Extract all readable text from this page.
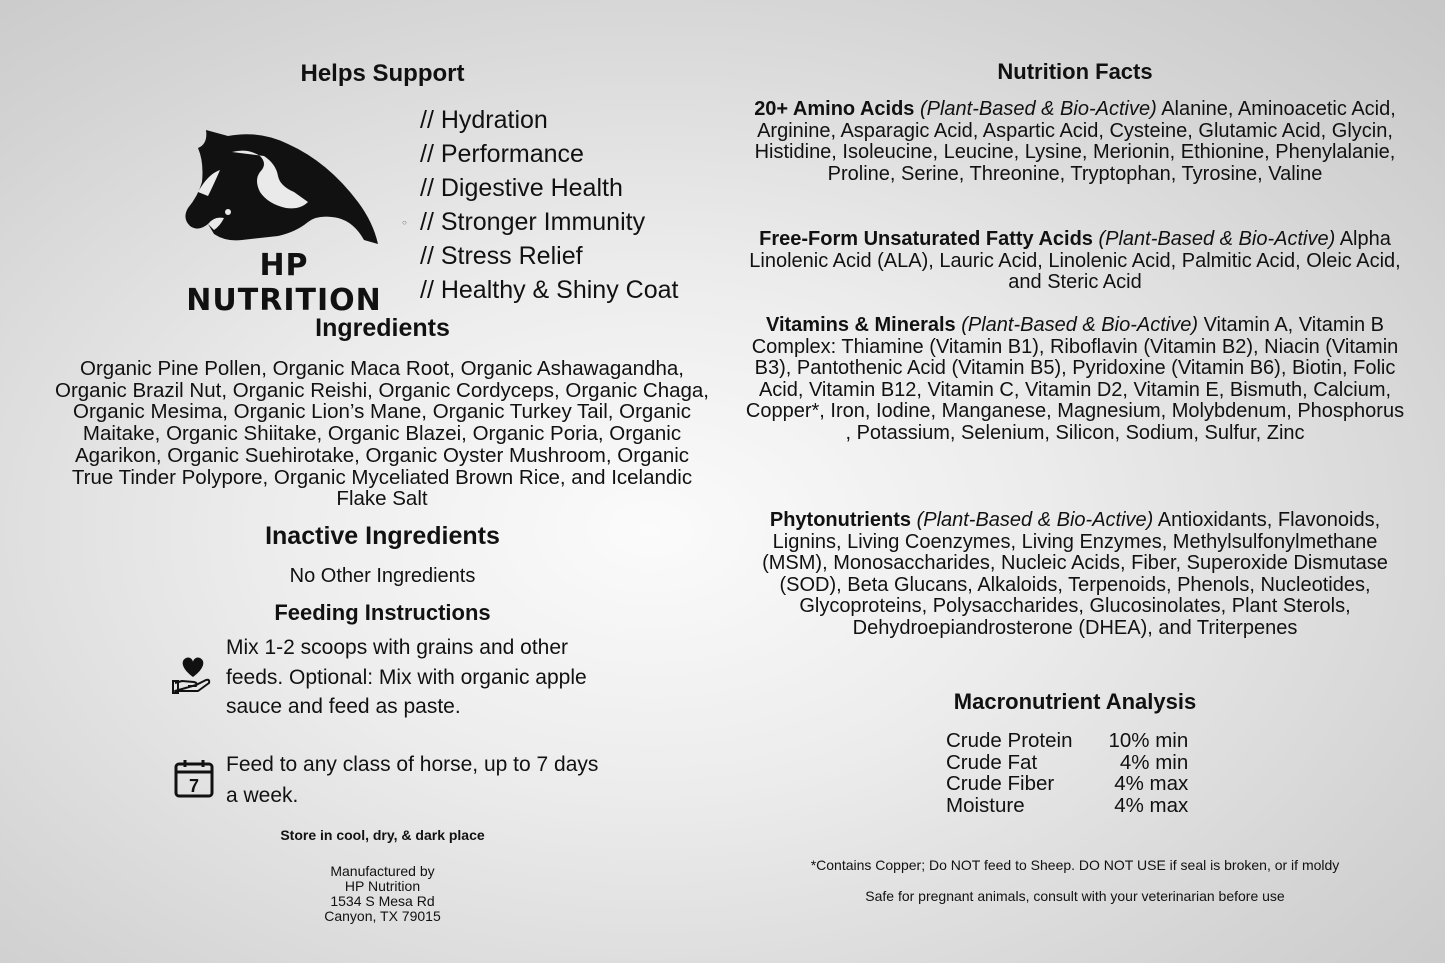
Helps Support
HP NUTRITION
// Hydration
// Performance
// Digestive Health
// Stronger Immunity
// Stress Relief
// Healthy & Shiny Coat
○
Ingredients
Organic Pine Pollen, Organic Maca Root, Organic Ashawagandha, Organic Brazil Nut, Organic Reishi, Organic Cordyceps, Organic Chaga, Organic Mesima, Organic Lion’s Mane, Organic Turkey Tail, Organic Maitake, Organic Shiitake, Organic Blazei, Organic Poria, Organic Agarikon, Organic Suehirotake, Organic Oyster Mushroom, Organic True Tinder Polypore, Organic Myceliated Brown Rice, and Icelandic Flake Salt
Inactive Ingredients
No Other Ingredients
Feeding Instructions
Mix 1-2 scoops with grains and other feeds. Optional: Mix with organic apple sauce and feed as paste.
7
Feed to any class of horse, up to 7 days a week.
Store in cool, dry, & dark place
Manufactured by
HP Nutrition
1534 S Mesa Rd
Canyon, TX 79015
Nutrition Facts
20+ Amino Acids (Plant-Based & Bio-Active) Alanine, Aminoacetic Acid, Arginine, Asparagic Acid, Aspartic Acid, Cysteine, Glutamic Acid, Glycin, Histidine, Isoleucine, Leucine, Lysine, Merionin, Ethionine, Phenylalanie, Proline, Serine, Threonine, Tryptophan, Tyrosine, Valine
Free-Form Unsaturated Fatty Acids (Plant-Based & Bio-Active) Alpha Linolenic Acid (ALA), Lauric Acid, Linolenic Acid, Palmitic Acid, Oleic Acid, and Steric Acid
Vitamins & Minerals (Plant-Based & Bio-Active) Vitamin A, Vitamin B Complex: Thiamine (Vitamin B1), Riboflavin (Vitamin B2), Niacin (Vitamin B3), Pantothenic Acid (Vitamin B5), Pyridoxine (Vitamin B6), Biotin, Folic Acid, Vitamin B12, Vitamin C, Vitamin D2, Vitamin E, Bismuth, Calcium, Copper*, Iron, Iodine, Manganese, Magnesium, Molybdenum, Phosphorus , Potassium, Selenium, Silicon, Sodium, Sulfur, Zinc
Phytonutrients (Plant-Based & Bio-Active) Antioxidants, Flavonoids, Lignins, Living Coenzymes, Living Enzymes, Methylsulfonylmethane (MSM), Monosaccharides, Nucleic Acids, Fiber, Superoxide Dismutase (SOD), Beta Glucans, Alkaloids, Terpenoids, Phenols, Nucleotides, Glycoproteins, Polysaccharides, Glucosinolates, Plant Sterols, Dehydroepiandrosterone (DHEA), and Triterpenes
Macronutrient Analysis
Crude Protein	10% min
Crude Fat	4% min
Crude Fiber	4% max
Moisture	4% max
*Contains Copper; Do NOT feed to Sheep. DO NOT USE if seal is broken, or if moldy
Safe for pregnant animals, consult with your veterinarian before use
